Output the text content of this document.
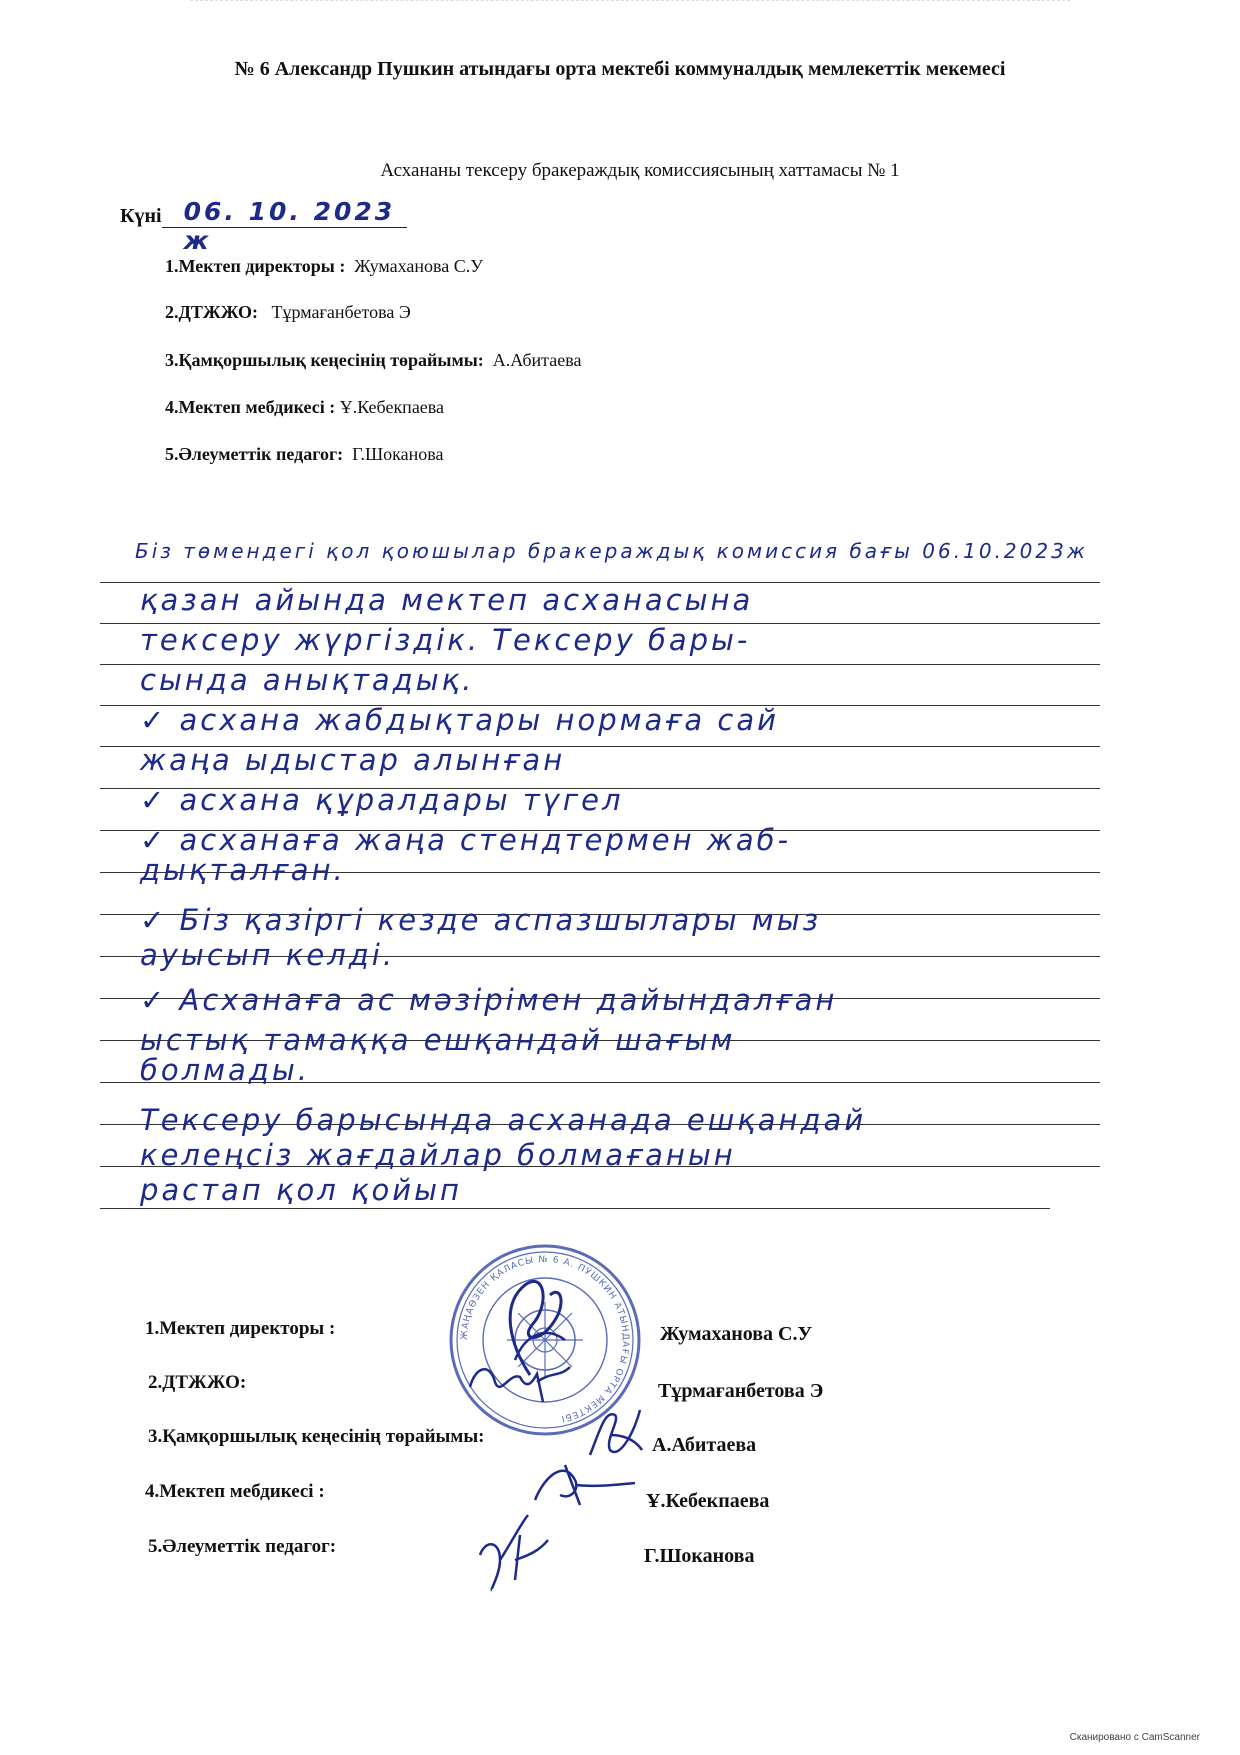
№ 6 Александр Пушкин атындағы орта мектебі коммуналдық мемлекеттік мекемесі
Асхананы тексеру бракераждық комиссиясының хаттамасы № 1
Күні 06. 10. 2023 ж
1.Мектеп директоры : Жумаханова С.У
2.ДТЖЖО: Тұрмағанбетова Э
3.Қамқоршылық кеңесінің төрайымы: А.Абитаева
4.Мектеп мебдикесі : Ұ.Кебекпаева
5.Әлеуметтік педагог: Г.Шоканова
Біз төмендегі қол қоюшылар бракераждық комиссия бағы 06.10.2023ж
қазан айында мектеп асханасына
тексеру жүргіздік. Тексеру бары-
сында анықтадық.
✓ асхана жабдықтары нормаға сай
жаңа ыдыстар алынған
✓ асхана құралдары түгел
✓ асханаға жаңа стендтермен жаб-
дықталған.
✓ Біз қазіргі кезде аспазшылары мыз
ауысып келді.
✓ Асханаға ас мәзірімен дайындалған
ыстық тамаққа ешқандай шағым
болмады.
Тексеру барысында асханада ешқандай
келеңсіз жағдайлар болмағанын
растап қол қойып
ЖАҢАӨЗЕН ҚАЛАСЫ № 6 А. ПУШКИН АТЫНДАҒЫ ОРТА МЕКТЕБІ
1.Мектеп директоры :	Жумаханова С.У
2.ДТЖЖО:	Тұрмағанбетова Э
3.Қамқоршылық кеңесінің төрайымы:	А.Абитаева
4.Мектеп мебдикесі :	Ұ.Кебекпаева
5.Әлеуметтік педагог:	Г.Шоканова
Сканировано с CamScanner
